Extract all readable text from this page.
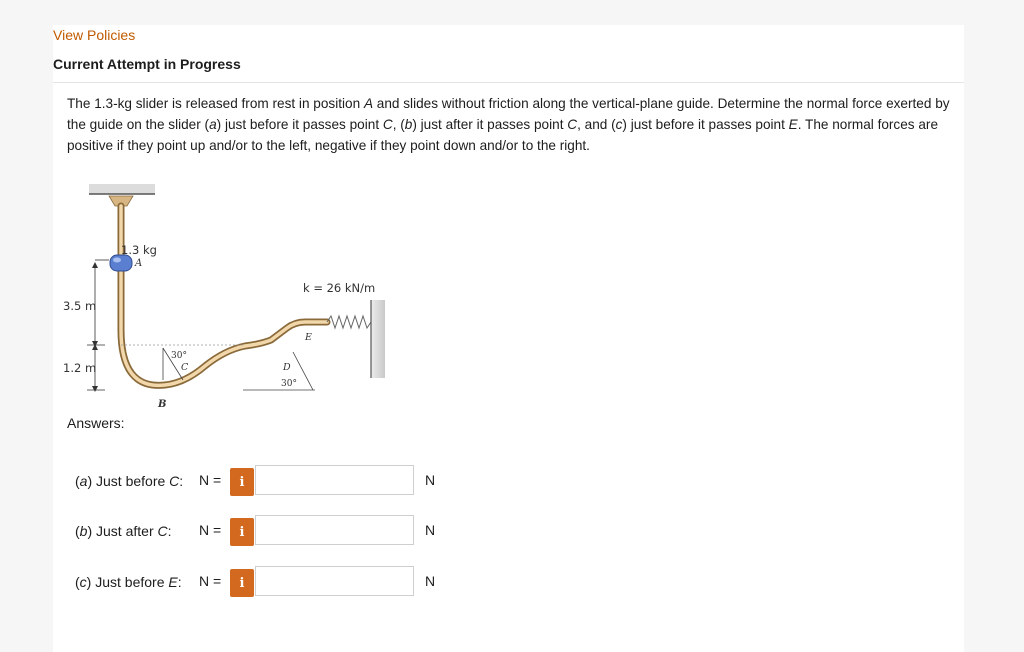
View Policies
Current Attempt in Progress
The 1.3-kg slider is released from rest in position A and slides without friction along the vertical-plane guide. Determine the normal force exerted by the guide on the slider (a) just before it passes point C, (b) just after it passes point C, and (c) just before it passes point E. The normal forces are positive if they point up and/or to the left, negative if they point down and/or to the right.
1.3 kg
A
3.5 m
1.2 m
B
30°
C	D
30°
E
k = 26 kN/m
Answers:
(a) Just before C: N =	i	N
(b) Just after C: N =	i	N
(c) Just before E: N =	i	N
